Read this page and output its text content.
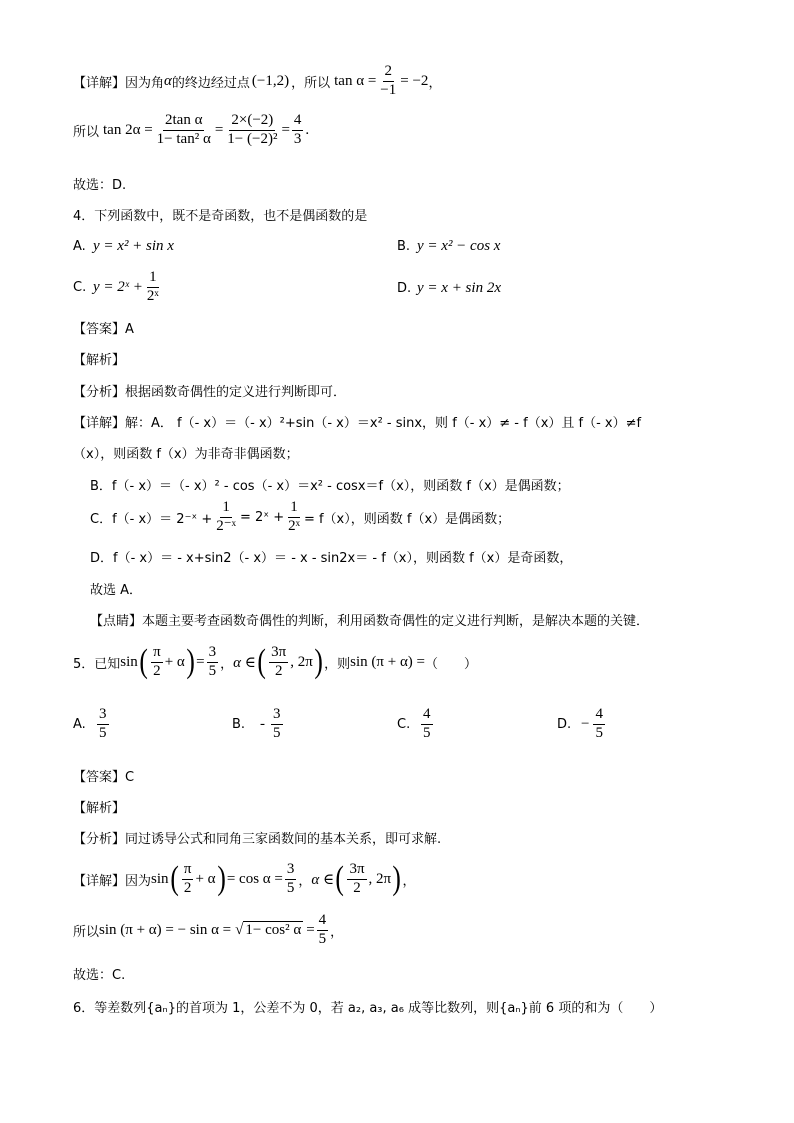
【详解】 因为角 α 的终边经过点 (−1,2) ，所以 $\tan \alpha = \frac{2}{-1} = -2$ ，
所以 $\tan 2\alpha = \frac{\text{2tan α}}{\text{1− tan² α}} = \frac{2\times(-2)}{\text{1− (−2)²}} = \frac{4}{3}$ .
故选：D.
4．下列函数中，既不是奇函数，也不是偶函数的是
A. y = x² + sin x	B. y = x² − cos x
C. y = 2ˣ + $\frac{1}{\text{2ˣ}}$	D. y = x + sin 2x
【答案】A
【解析】
【分析】根据函数奇偶性的定义进行判断即可．
【详解】解：A． f（- x）＝（- x）²+sin（- x）＝x² - sinx，则 f（- x）≠ - f（x）且 f（- x）≠f
（x），则函数 f（x）为非奇非偶函数；
B．f（- x）＝（- x）² - cos（- x）＝x² - cosx＝f（x），则函数 f（x）是偶函数；
C．f（- x）＝ 2⁻ˣ + $\frac{1}{\text{2⁻ˣ}}$ = 2ˣ + $\frac{1}{\text{2ˣ}} = f(x)$，则函数 f（x）是偶函数；
D．f（- x）＝ - x+sin2（- x）＝ - x - sin2x＝ - f（x），则函数 f（x）是奇函数，
故选 A．
【点睛】本题主要考查函数奇偶性的判断，利用函数奇偶性的定义进行判断，是解决本题的关键．
5．已知 sin ( $\frac{\pi}{2} + \alpha$ ) = $\frac{3}{5}$ ， α ∈ ( $\frac{3\pi}{2}$ , 2π ) ，则 sin (π + α) = （　　）
A. $\frac{3}{5}$	B. - $\frac{3}{5}$	C. $\frac{4}{5}$	D. − $\frac{4}{5}$
【答案】C
【解析】
【分析】同过诱导公式和同角三家函数间的基本关系，即可求解.
【详解】因为 sin ( $\frac{\pi}{2} + \alpha$ ) = $\cos \alpha = \frac{3}{5}$ ， α ∈ ( $\frac{3\pi}{2}$ , 2π ) ，
所以 sin (π + α) = − sin α = √ 1− cos² $\alpha = \frac{4}{5}$ ，
故选：C.
6．等差数列{aₙ}的首项为 1，公差不为 0，若 a₂, a₃, a₆ 成等比数列，则{aₙ}前 6 项的和为（　　）
